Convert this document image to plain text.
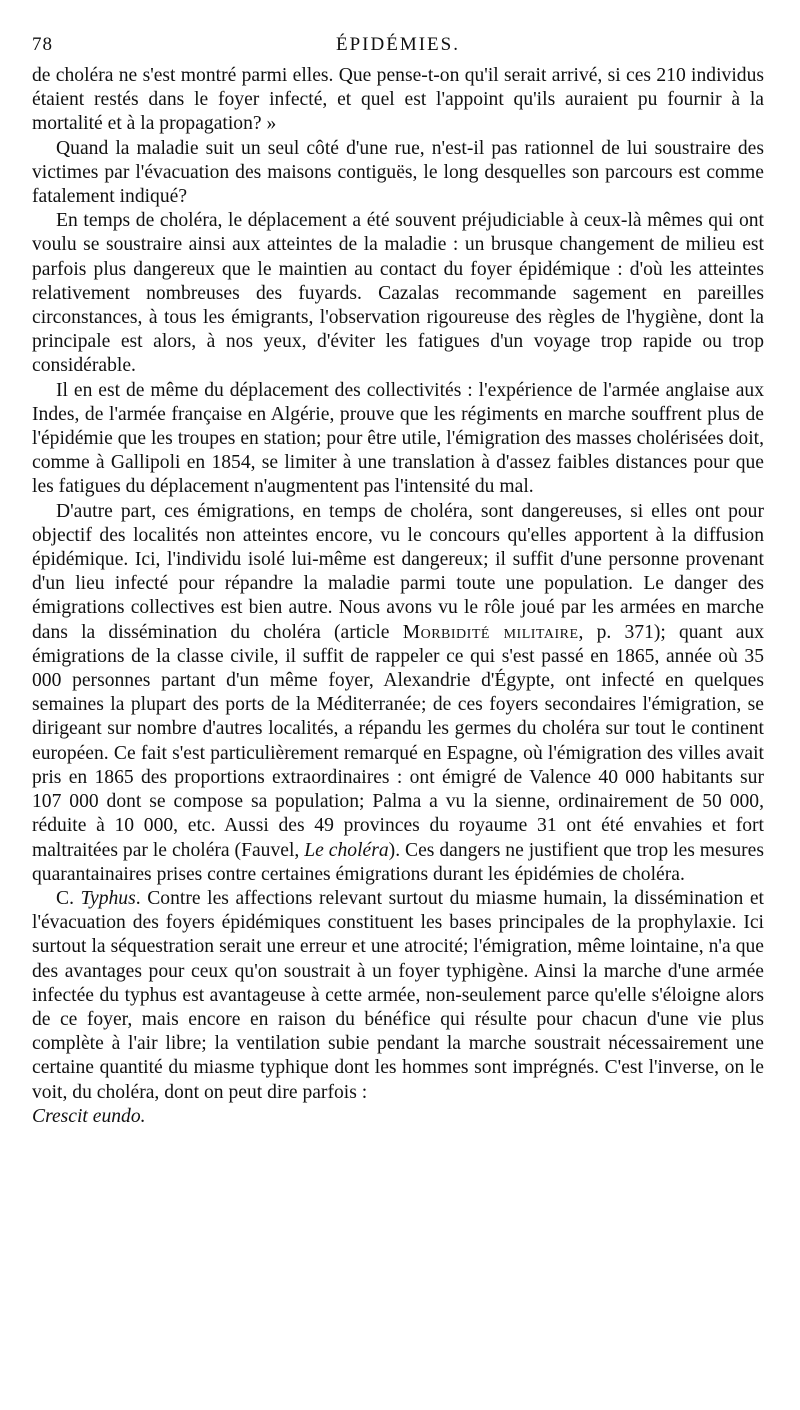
78	ÉPIDÉMIES.

de choléra ne s'est montré parmi elles. Que pense-t-on qu'il serait arrivé, si ces 210 individus étaient restés dans le foyer infecté, et quel est l'appoint qu'ils auraient pu fournir à la mortalité et à la propagation? »

Quand la maladie suit un seul côté d'une rue, n'est-il pas rationnel de lui soustraire des victimes par l'évacuation des maisons contiguës, le long desquelles son parcours est comme fatalement indiqué?

En temps de choléra, le déplacement a été souvent préjudiciable à ceux-là mêmes qui ont voulu se soustraire ainsi aux atteintes de la maladie : un brusque changement de milieu est parfois plus dangereux que le maintien au contact du foyer épidémique : d'où les atteintes relativement nombreuses des fuyards. Cazalas recommande sagement en pareilles circonstances, à tous les émigrants, l'observation rigoureuse des règles de l'hygiène, dont la principale est alors, à nos yeux, d'éviter les fatigues d'un voyage trop rapide ou trop considérable.

Il en est de même du déplacement des collectivités : l'expérience de l'armée anglaise aux Indes, de l'armée française en Algérie, prouve que les régiments en marche souffrent plus de l'épidémie que les troupes en station; pour être utile, l'émigration des masses cholérisées doit, comme à Gallipoli en 1854, se limiter à une translation à d'assez faibles distances pour que les fatigues du déplacement n'augmentent pas l'intensité du mal.

D'autre part, ces émigrations, en temps de choléra, sont dangereuses, si elles ont pour objectif des localités non atteintes encore, vu le concours qu'elles apportent à la diffusion épidémique. Ici, l'individu isolé lui-même est dangereux; il suffit d'une personne provenant d'un lieu infecté pour répandre la maladie parmi toute une population. Le danger des émigrations collectives est bien autre. Nous avons vu le rôle joué par les armées en marche dans la dissémination du choléra (article Morbidité militaire, p. 371); quant aux émigrations de la classe civile, il suffit de rappeler ce qui s'est passé en 1865, année où 35 000 personnes partant d'un même foyer, Alexandrie d'Égypte, ont infecté en quelques semaines la plupart des ports de la Méditerranée; de ces foyers secondaires l'émigration, se dirigeant sur nombre d'autres localités, a répandu les germes du choléra sur tout le continent européen. Ce fait s'est particulièrement remarqué en Espagne, où l'émigration des villes avait pris en 1865 des proportions extraordinaires : ont émigré de Valence 40 000 habitants sur 107 000 dont se compose sa population; Palma a vu la sienne, ordinairement de 50 000, réduite à 10 000, etc. Aussi des 49 provinces du royaume 31 ont été envahies et fort maltraitées par le choléra (Fauvel, Le choléra). Ces dangers ne justifient que trop les mesures quarantainaires prises contre certaines émigrations durant les épidémies de choléra.

C. Typhus. Contre les affections relevant surtout du miasme humain, la dissémination et l'évacuation des foyers épidémiques constituent les bases principales de la prophylaxie. Ici surtout la séquestration serait une erreur et une atrocité; l'émigration, même lointaine, n'a que des avantages pour ceux qu'on soustrait à un foyer typhigène. Ainsi la marche d'une armée infectée du typhus est avantageuse à cette armée, non-seulement parce qu'elle s'éloigne alors de ce foyer, mais encore en raison du bénéfice qui résulte pour chacun d'une vie plus complète à l'air libre; la ventilation subie pendant la marche soustrait nécessairement une certaine quantité du miasme typhique dont les hommes sont imprégnés. C'est l'inverse, on le voit, du choléra, dont on peut dire parfois :

Crescit eundo.
